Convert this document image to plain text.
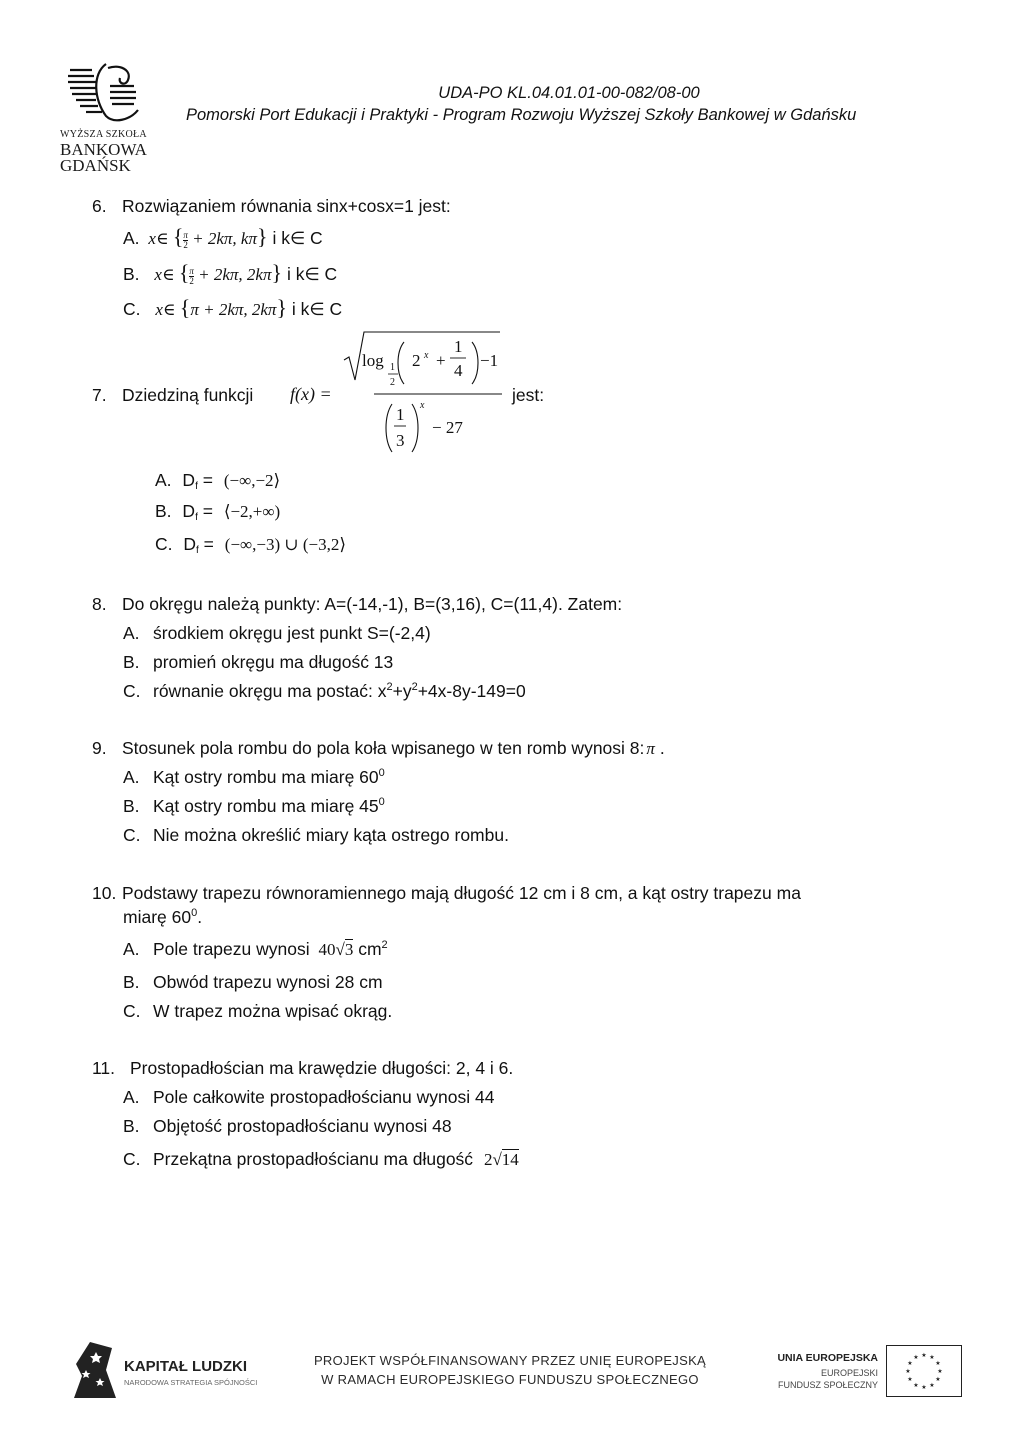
WYŻSZA SZKOŁA
BANKOWA
GDAŃSK
UDA-PO KL.04.01.01-00-082/08-00
Pomorski Port Edukacji i Praktyki - Program Rozwoju Wyższej Szkoły Bankowej w Gdańsku
6. Rozwiązaniem równania sinx+cosx=1 jest:
A. x∈ { $\frac{\pi}{2} + 2k\pi$, kπ} i k∈ C
B. x∈ { $\frac{\pi}{2} + 2k\pi$, 2kπ} i k∈ C
C. x∈ {π + 2kπ, 2kπ} i k∈ C
7. Dziedziną funkcji f(x) =
log 1
2
2 x +
1
4
−1
1
3
x
− 27
jest:
A. $D_f$ = (−∞,−2⟩
B. $D_f$ = ⟨−2,+∞)
C. $D_f = (-\infty,-3)$ ∪ (−3,2⟩
8. Do okręgu należą punkty: A=(-14,-1), B=(3,16), C=(11,4). Zatem:
A. środkiem okręgu jest punkt S=(-2,4)
B. promień okręgu ma długość 13
C. równanie okręgu ma postać: $x^2+y^2+4x-8y-149=0$
9. Stosunek pola rombu do pola koła wpisanego w ten romb wynosi 8: π .
A. Kąt ostry rombu ma miarę $60^0$
B. Kąt ostry rombu ma miarę $45^0$
C. Nie można określić miary kąta ostrego rombu.
10. Podstawy trapezu równoramiennego mają długość 12 cm i 8 cm, a kąt ostry trapezu ma
miarę $60^0$.
A. Pole trapezu wynosi 40√3 $cm^2$
B. Obwód trapezu wynosi 28 cm
C. W trapez można wpisać okrąg.
11. Prostopadłościan ma krawędzie długości: 2, 4 i 6.
A. Pole całkowite prostopadłościanu wynosi 44
B. Objętość prostopadłościanu wynosi 48
C. Przekątna prostopadłościanu ma długość 2√14
KAPITAŁ LUDZKI
NARODOWA STRATEGIA SPÓJNOŚCI
PROJEKT WSPÓŁFINANSOWANY PRZEZ UNIĘ EUROPEJSKĄ
W RAMACH EUROPEJSKIEGO FUNDUSZU SPOŁECZNEGO
UNIA EUROPEJSKA
EUROPEJSKI
FUNDUSZ SPOŁECZNY
★ ★
★
★
★
★
★
★
★
★
★
★
